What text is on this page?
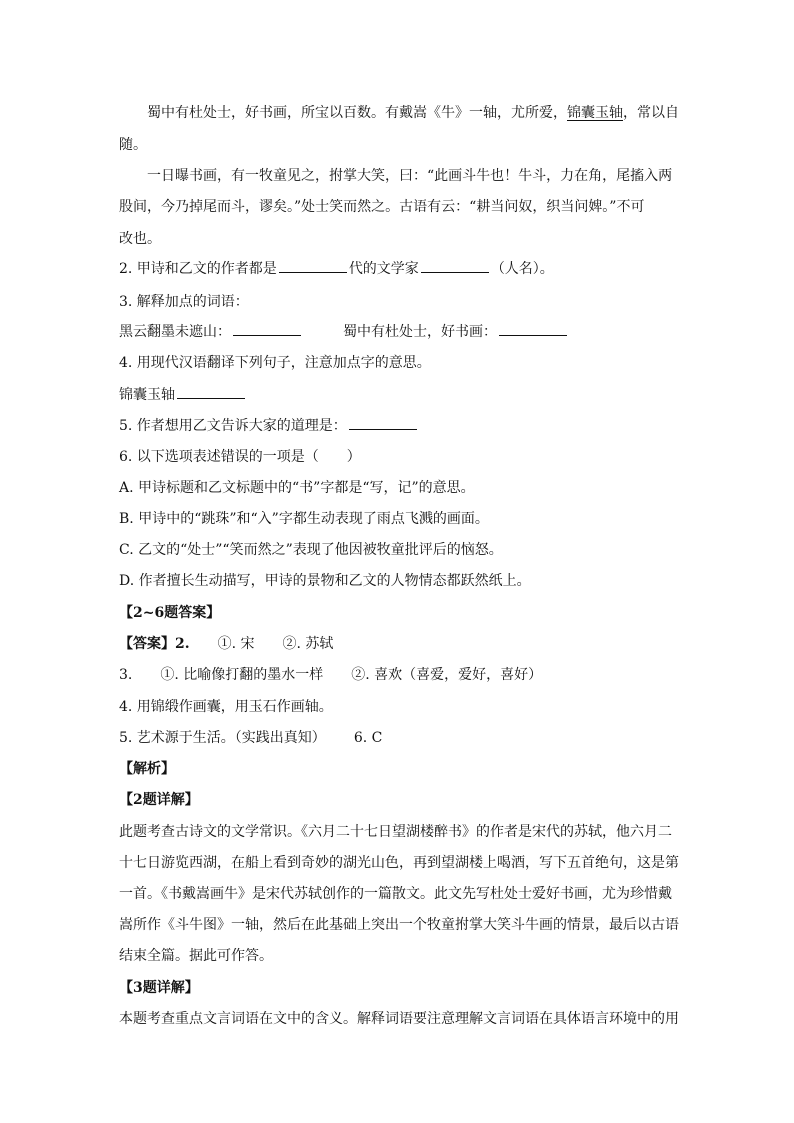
蜀中有杜处士，好书画，所宝以百数。有戴嵩《牛》一轴，尤所爱，锦囊玉轴，常以自
随。
一日曝书画，有一牧童见之，拊掌大笑，曰：“此画斗牛也！牛斗，力在角，尾搐入两
股间，今乃掉尾而斗，谬矣。”处士笑而然之。古语有云：“耕当问奴，织当问婢。”不可
改也。
2. 甲诗和乙文的作者都是	代的文学家	（人名）。
3. 解释加点的词语：
黑云翻墨未遮山：	蜀中有杜处士，好书画：
4. 用现代汉语翻译下列句子，注意加点字的意思。
锦囊玉轴
5. 作者想用乙文告诉大家的道理是：
6. 以下选项表述错误的一项是（　　）
A. 甲诗标题和乙文标题中的“书”字都是“写，记”的意思。
B. 甲诗中的“跳珠”和“入”字都生动表现了雨点飞溅的画面。
C. 乙文的“处士”“笑而然之”表现了他因被牧童批评后的恼怒。
D. 作者擅长生动描写，甲诗的景物和乙文的人物情态都跃然纸上。
【2~6题答案】
【答案】2. ①. 宋 ②. 苏轼
3. ①. 比喻像打翻的墨水一样 ②. 喜欢（喜爱，爱好，喜好）
4. 用锦缎作画囊，用玉石作画轴。
5. 艺术源于生活。（实践出真知） 6. C
【解析】
【2题详解】
此题考查古诗文的文学常识。《六月二十七日望湖楼醉书》的作者是宋代的苏轼，他六月二
十七日游览西湖，在船上看到奇妙的湖光山色，再到望湖楼上喝酒，写下五首绝句，这是第
一首。《书戴嵩画牛》是宋代苏轼创作的一篇散文。此文先写杜处士爱好书画，尤为珍惜戴
嵩所作《斗牛图》一轴，然后在此基础上突出一个牧童拊掌大笑斗牛画的情景，最后以古语
结束全篇。据此可作答。
【3题详解】
本题考查重点文言词语在文中的含义。解释词语要注意理解文言词语在具体语言环境中的用
